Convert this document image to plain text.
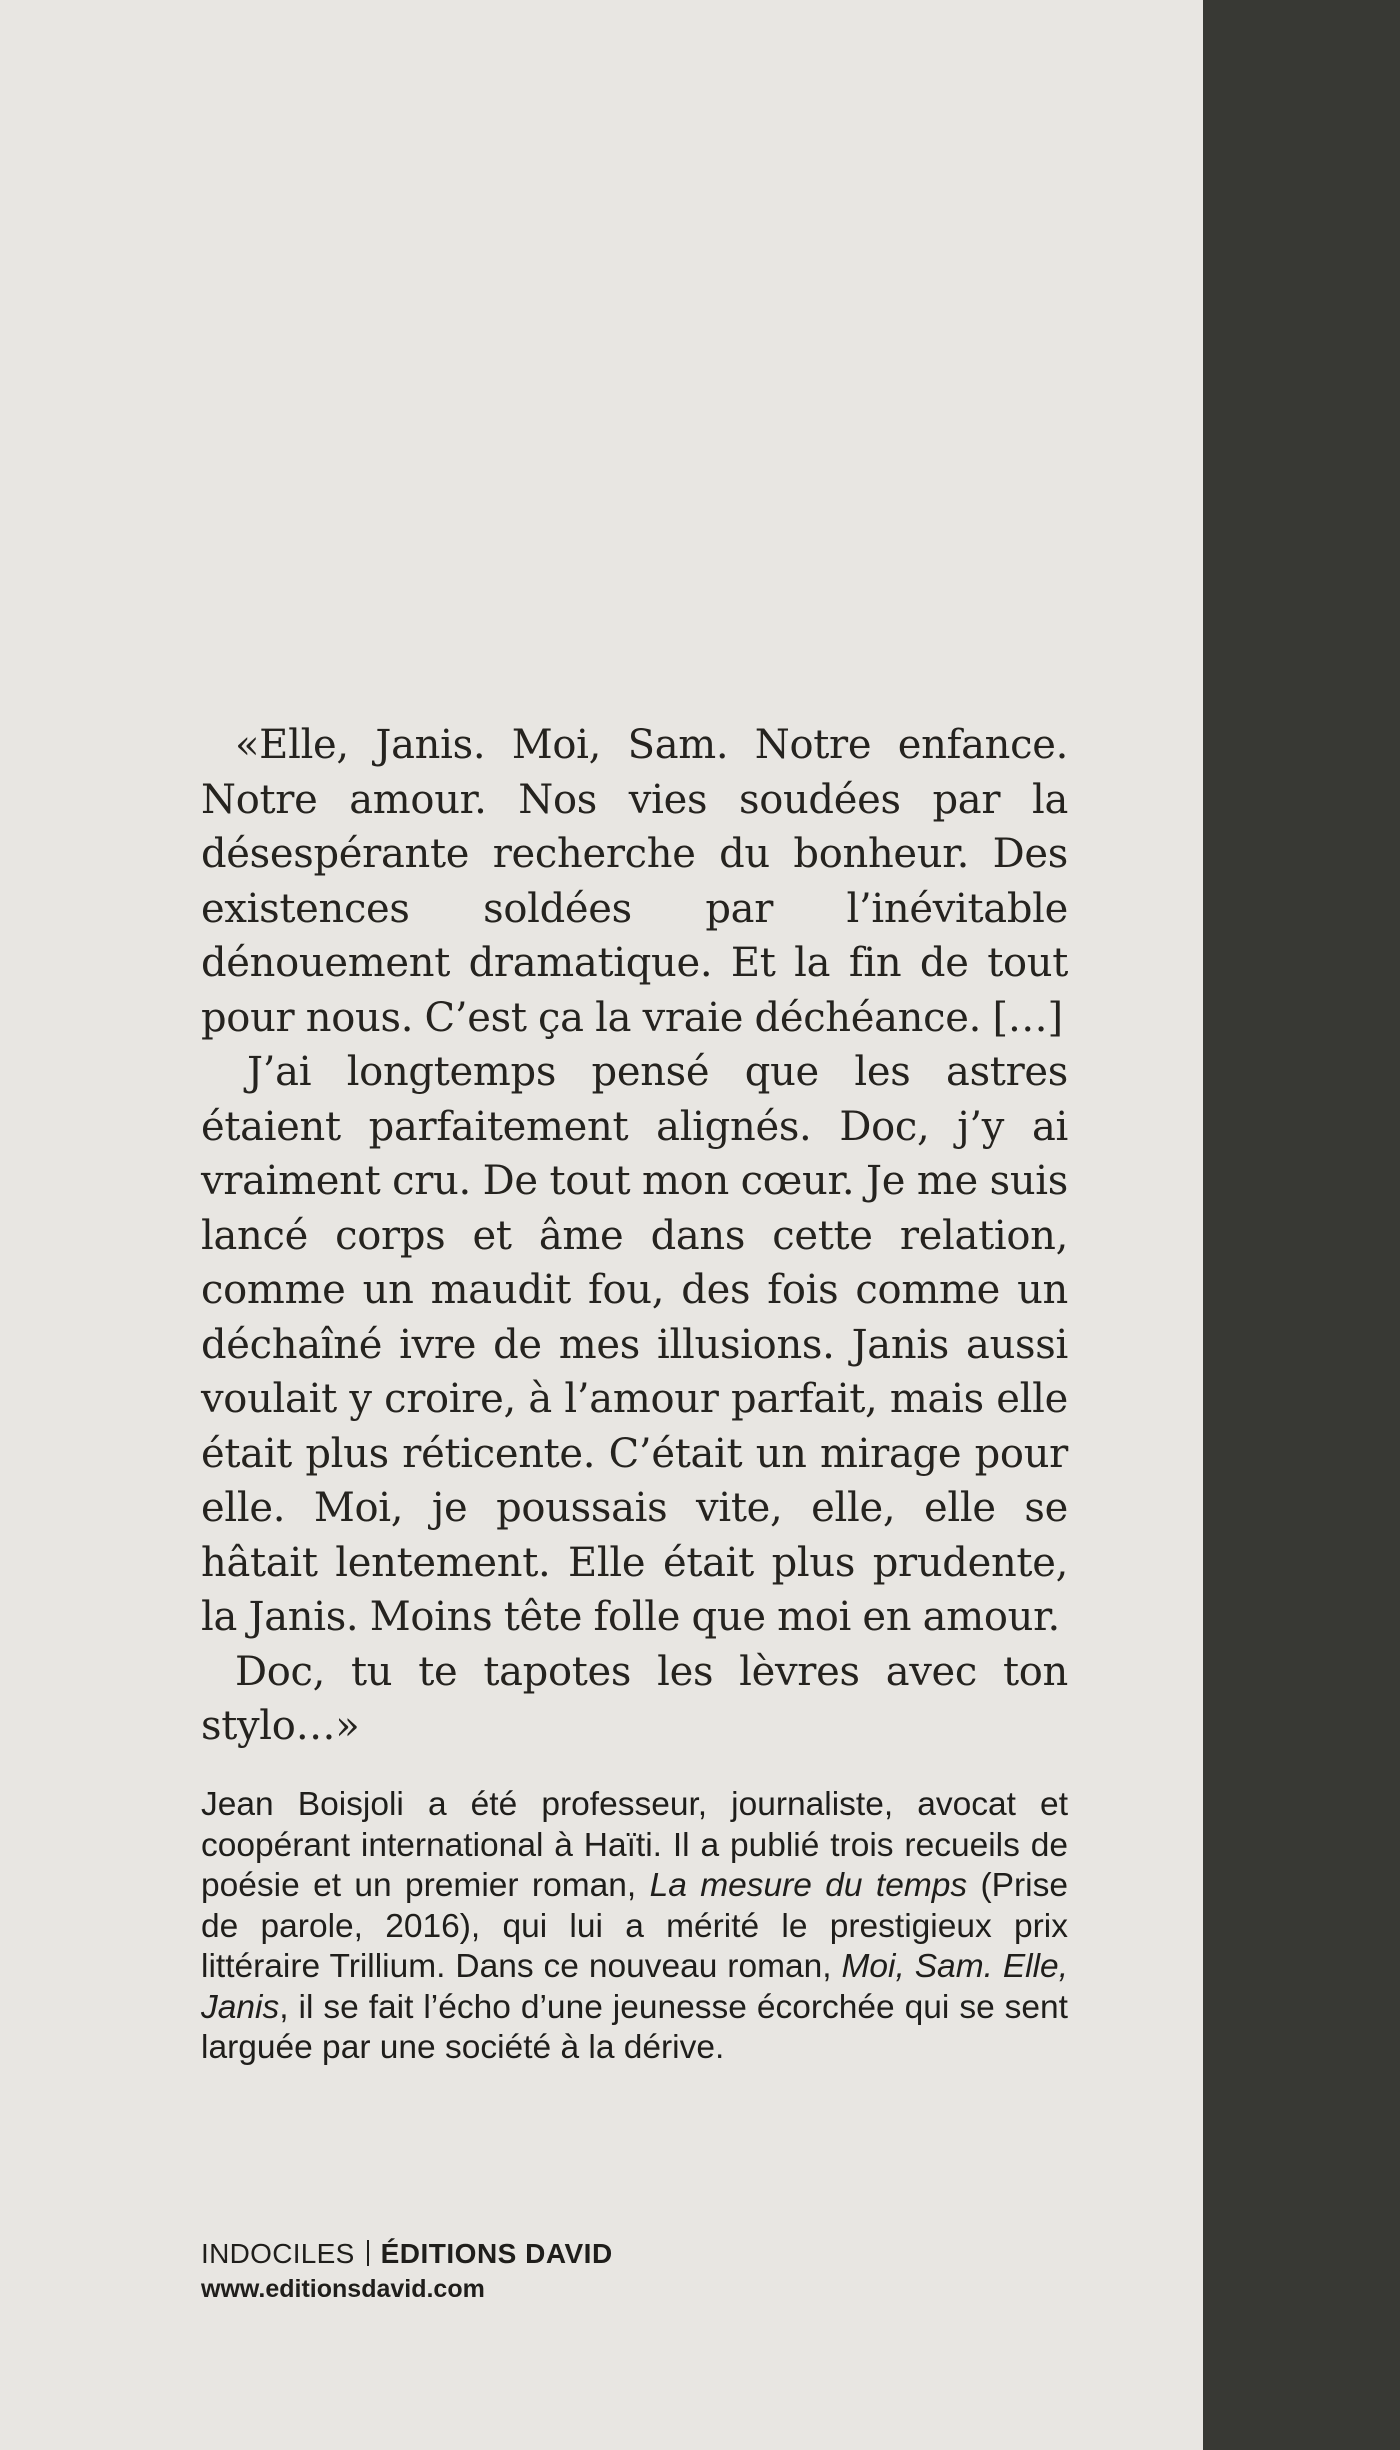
«Elle, Janis. Moi, Sam. Notre enfance. Notre amour. Nos vies soudées par la désespérante recherche du bonheur. Des existences soldées par l’inévitable dénouement dramatique. Et la fin de tout pour nous. C’est ça la vraie déchéance. […]

J’ai longtemps pensé que les astres étaient parfaitement alignés. Doc, j’y ai vraiment cru. De tout mon cœur. Je me suis lancé corps et âme dans cette relation, comme un maudit fou, des fois comme un déchaîné ivre de mes illusions. Janis aussi voulait y croire, à l’amour parfait, mais elle était plus réticente. C’était un mirage pour elle. Moi, je poussais vite, elle, elle se hâtait lentement. Elle était plus prudente, la Janis. Moins tête folle que moi en amour.

Doc, tu te tapotes les lèvres avec ton stylo…»

Jean Boisjoli a été professeur, journaliste, avocat et coopérant international à Haïti. Il a publié trois recueils de poésie et un premier roman, La mesure du temps (Prise de parole, 2016), qui lui a mérité le prestigieux prix littéraire Trillium. Dans ce nouveau roman, Moi, Sam. Elle, Janis, il se fait l’écho d’une jeunesse écorchée qui se sent larguée par une société à la dérive.

INDOCILES ÉDITIONS DAVID
www.editionsdavid.com
